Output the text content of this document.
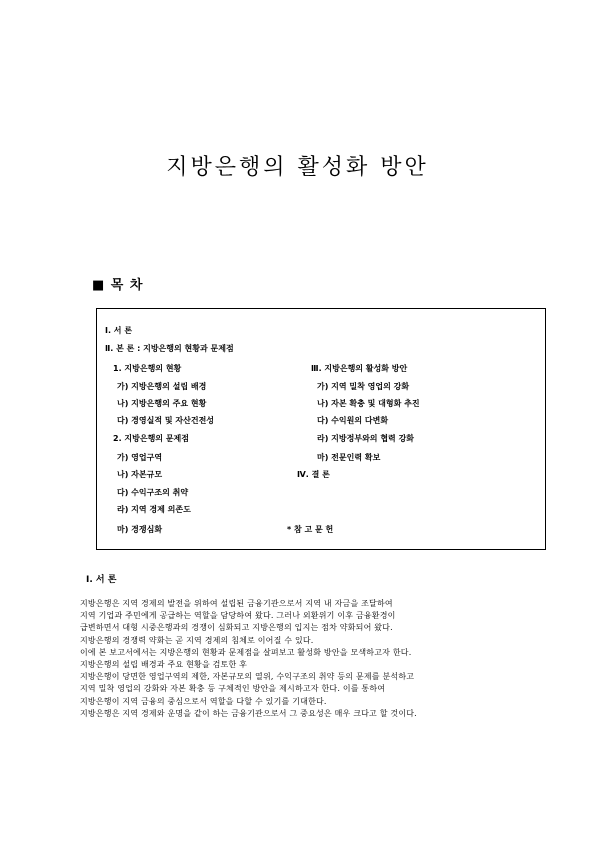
지방은행의 활성화 방안
■ 목 차
Ⅰ. 서 론
Ⅱ. 본 론 : 지방은행의 현황과 문제점
1. 지방은행의 현황
가) 지방은행의 설립 배경
나) 지방은행의 주요 현황
다) 경영실적 및 자산건전성
2. 지방은행의 문제점
가) 영업구역
나) 자본규모
다) 수익구조의 취약
라) 지역 경제 의존도
마) 경쟁심화
Ⅲ. 지방은행의 활성화 방안
가) 지역 밀착 영업의 강화
나) 자본 확충 및 대형화 추진
다) 수익원의 다변화
라) 지방정부와의 협력 강화
마) 전문인력 확보
Ⅳ. 결 론
* 참 고 문 헌
Ⅰ. 서 론

지방은행은 지역 경제의 발전을 위하여 설립된 금융기관으로서 지역 내 자금을 조달하여

지역 기업과 주민에게 공급하는 역할을 담당하여 왔다. 그러나 외환위기 이후 금융환경이

급변하면서 대형 시중은행과의 경쟁이 심화되고 지방은행의 입지는 점차 약화되어 왔다.

지방은행의 경쟁력 약화는 곧 지역 경제의 침체로 이어질 수 있다.

이에 본 보고서에서는 지방은행의 현황과 문제점을 살펴보고 활성화 방안을 모색하고자 한다.

지방은행의 설립 배경과 주요 현황을 검토한 후

지방은행이 당면한 영업구역의 제한, 자본규모의 열위, 수익구조의 취약 등의 문제를 분석하고

지역 밀착 영업의 강화와 자본 확충 등 구체적인 방안을 제시하고자 한다. 이를 통하여

지방은행이 지역 금융의 중심으로서 역할을 다할 수 있기를 기대한다.

지방은행은 지역 경제와 운명을 같이 하는 금융기관으로서 그 중요성은 매우 크다고 할 것이다.
